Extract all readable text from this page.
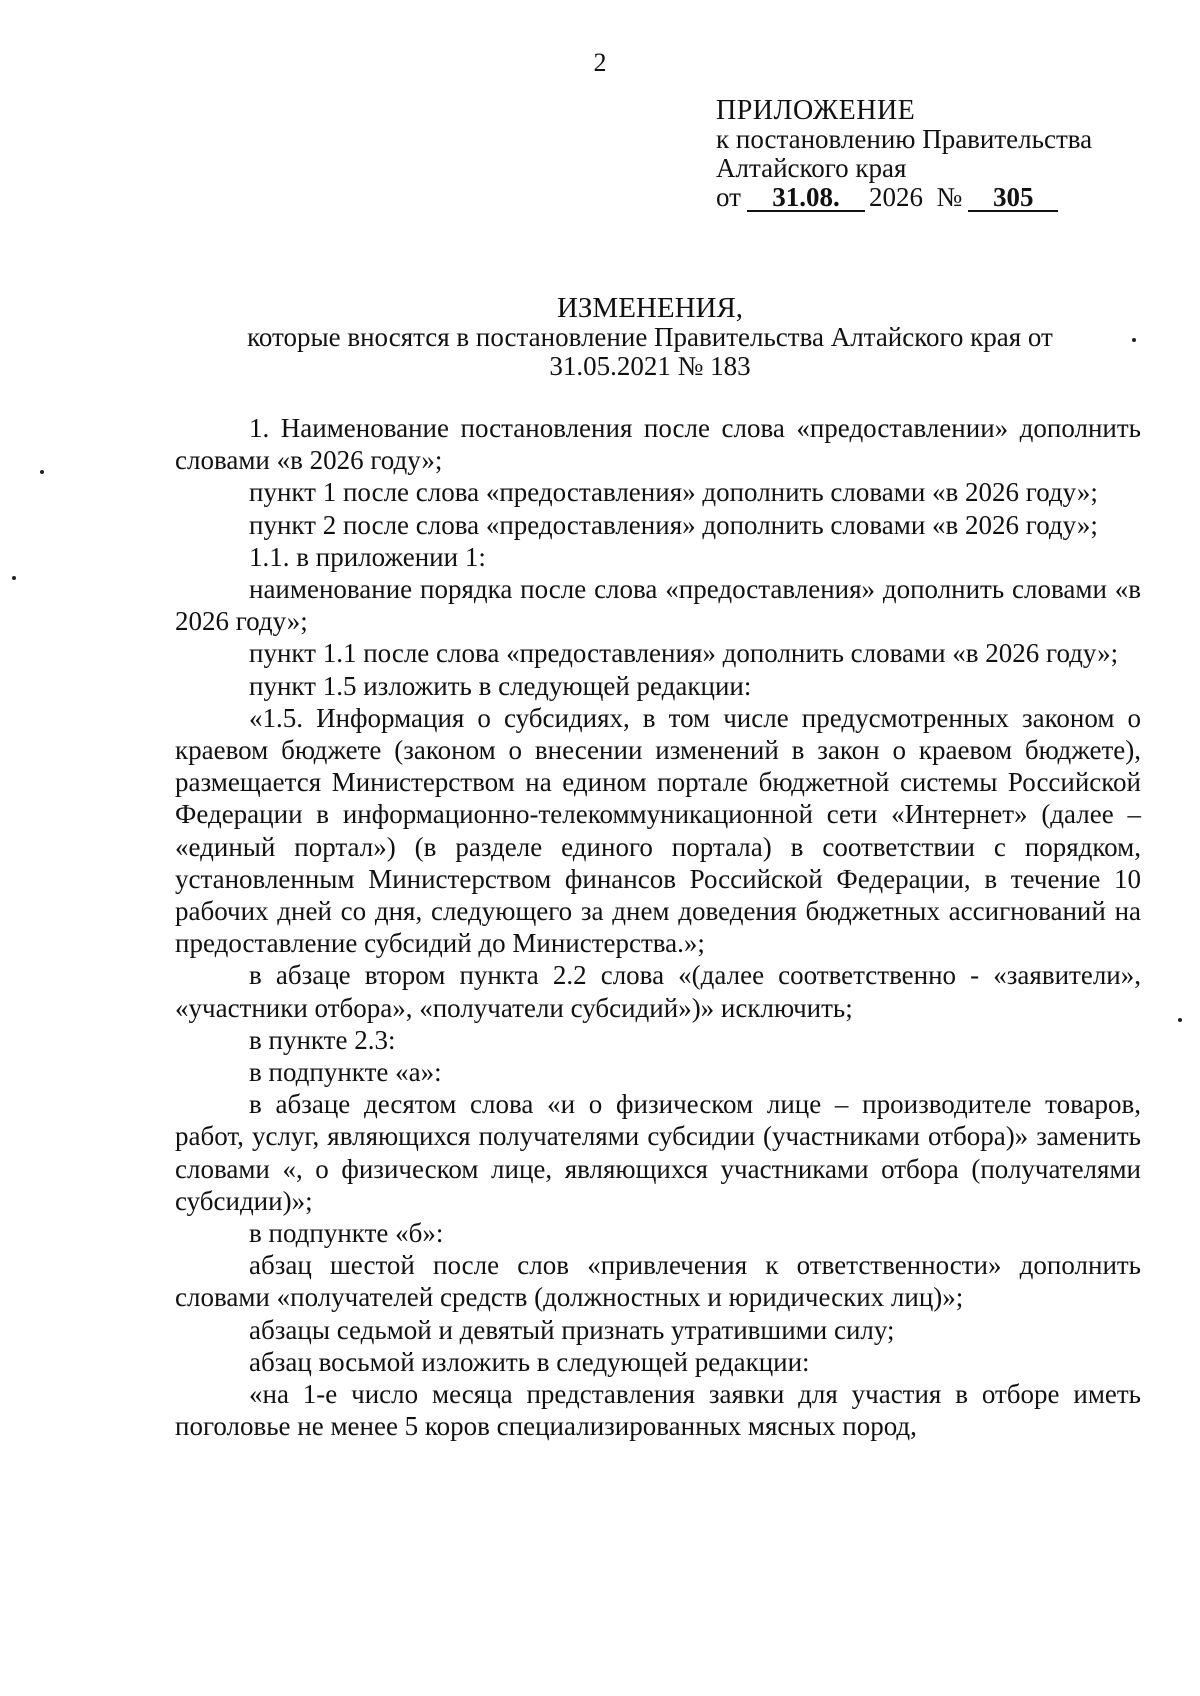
2
ПРИЛОЖЕНИЕ
к постановлению Правительства
Алтайского края
от 31.08. 2026 № 305
ИЗМЕНЕНИЯ,
которые вносятся в постановление Правительства Алтайского края от
31.05.2021 № 183

1. Наименование постановления после слова «предоставлении» дополнить словами «в 2026 году»;

пункт 1 после слова «предоставления» дополнить словами «в 2026 году»;

пункт 2 после слова «предоставления» дополнить словами «в 2026 году»;

1.1. в приложении 1:

наименование порядка после слова «предоставления» дополнить словами «в 2026 году»;

пункт 1.1 после слова «предоставления» дополнить словами «в 2026 году»;

пункт 1.5 изложить в следующей редакции:

«1.5. Информация о субсидиях, в том числе предусмотренных законом о краевом бюджете (законом о внесении изменений в закон о краевом бюджете), размещается Министерством на едином портале бюджетной системы Российской Федерации в информационно-телекоммуникационной сети «Интернет» (далее – «единый портал») (в разделе единого портала) в соответствии с порядком, установленным Министерством финансов Российской Федерации, в течение 10 рабочих дней со дня, следующего за днем доведения бюджетных ассигнований на предоставление субсидий до Министерства.»;

в абзаце втором пункта 2.2 слова «(далее соответственно - «заявители», «участники отбора», «получатели субсидий»)» исключить;

в пункте 2.3:

в подпункте «а»:

в абзаце десятом слова «и о физическом лице – производителе товаров, работ, услуг, являющихся получателями субсидии (участниками отбора)» заменить словами «, о физическом лице, являющихся участниками отбора (получателями субсидии)»;

в подпункте «б»:

абзац шестой после слов «привлечения к ответственности» дополнить словами «получателей средств (должностных и юридических лиц)»;

абзацы седьмой и девятый признать утратившими силу;

абзац восьмой изложить в следующей редакции:

«на 1-е число месяца представления заявки для участия в отборе иметь поголовье не менее 5 коров специализированных мясных пород,
